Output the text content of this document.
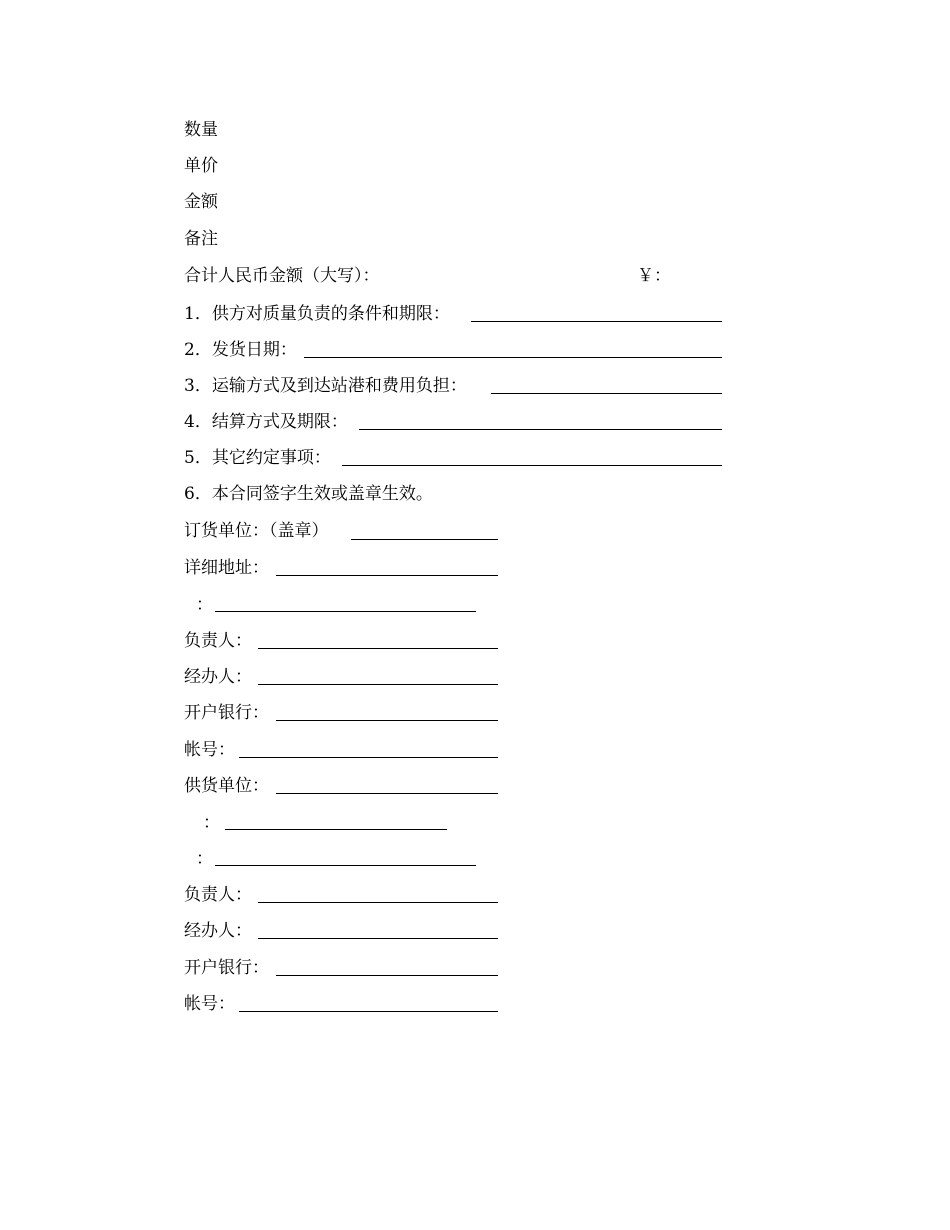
数量
单价
金额
备注
合计人民币金额（大写）：	￥：
1．供方对质量负责的条件和期限：
2．发货日期：
3．运输方式及到达站港和费用负担：
4．结算方式及期限：
5．其它约定事项：
6．本合同签字生效或盖章生效。
订货单位：（盖章）
详细地址：
：
负责人：
经办人：
开户银行：
帐号：
供货单位：
：
：
负责人：
经办人：
开户银行：
帐号：
